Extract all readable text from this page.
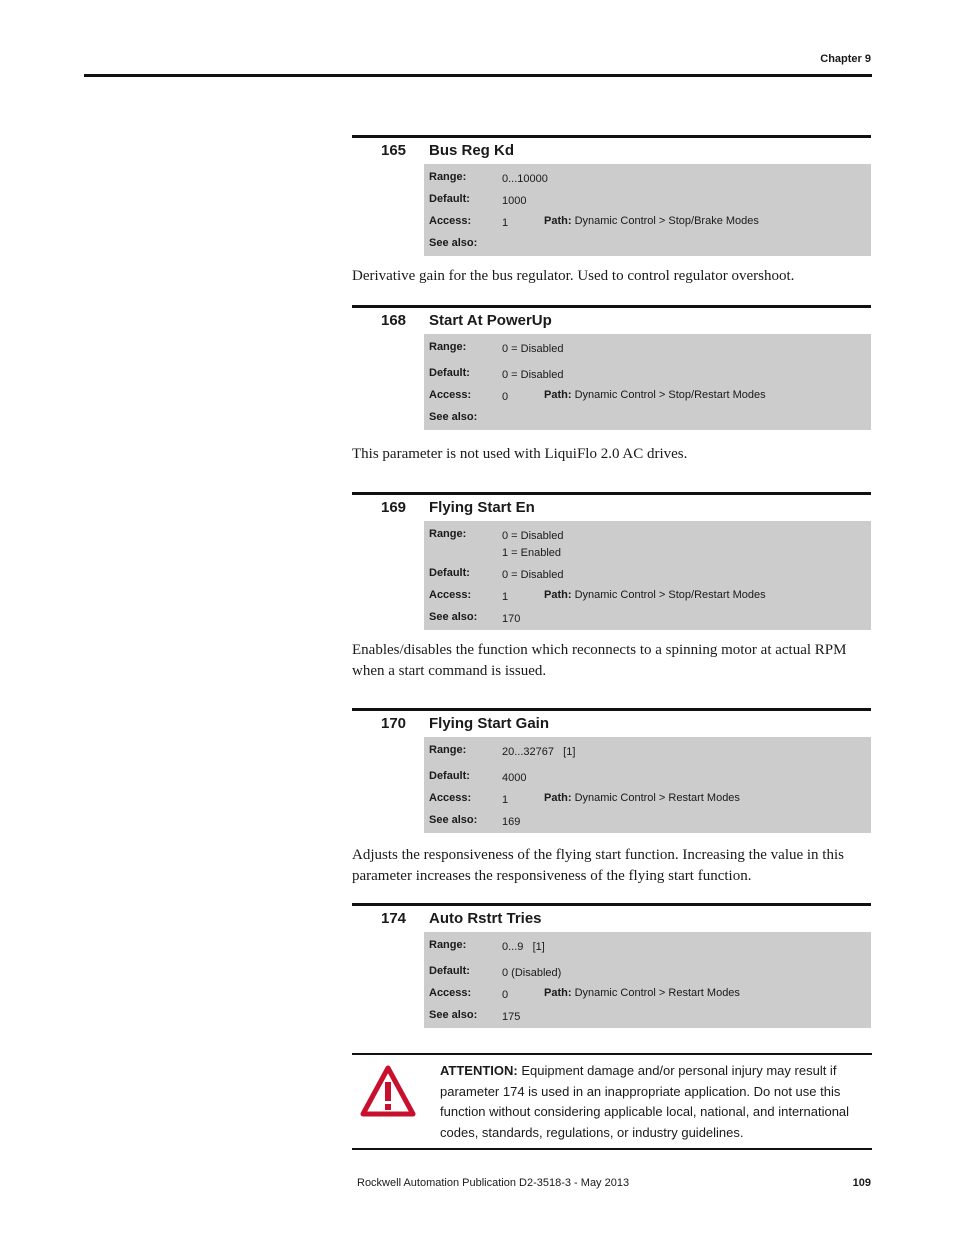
Chapter 9
165 Bus Reg Kd
Range:	0...10000
Default:	1000
Access:	1	Path: Dynamic Control > Stop/Brake Modes
See also:
Derivative gain for the bus regulator. Used to control regulator overshoot.
168 Start At PowerUp
Range:	0 = Disabled
Default:	0 = Disabled
Access:	0	Path: Dynamic Control > Stop/Restart Modes
See also:
This parameter is not used with LiquiFlo 2.0 AC drives.
169 Flying Start En
Range:	0 = Disabled
1 = Enabled
Default:	0 = Disabled
Access:	1	Path: Dynamic Control > Stop/Restart Modes
See also: 170
Enables/disables the function which reconnects to a spinning motor at actual RPM when a start command is issued.
170 Flying Start Gain
Range:	20...32767   [1]
Default:	4000
Access:	1	Path: Dynamic Control > Restart Modes
See also: 169
Adjusts the responsiveness of the flying start function. Increasing the value in this parameter increases the responsiveness of the flying start function.
174 Auto Rstrt Tries
Range:	0...9   [1]
Default:	0 (Disabled)
Access:	0	Path: Dynamic Control > Restart Modes
See also: 175
ATTENTION: Equipment damage and/or personal injury may result if parameter 174 is used in an inappropriate application. Do not use this function without considering applicable local, national, and international codes, standards, regulations, or industry guidelines.
Rockwell Automation Publication D2-3518-3 - May 2013	109
